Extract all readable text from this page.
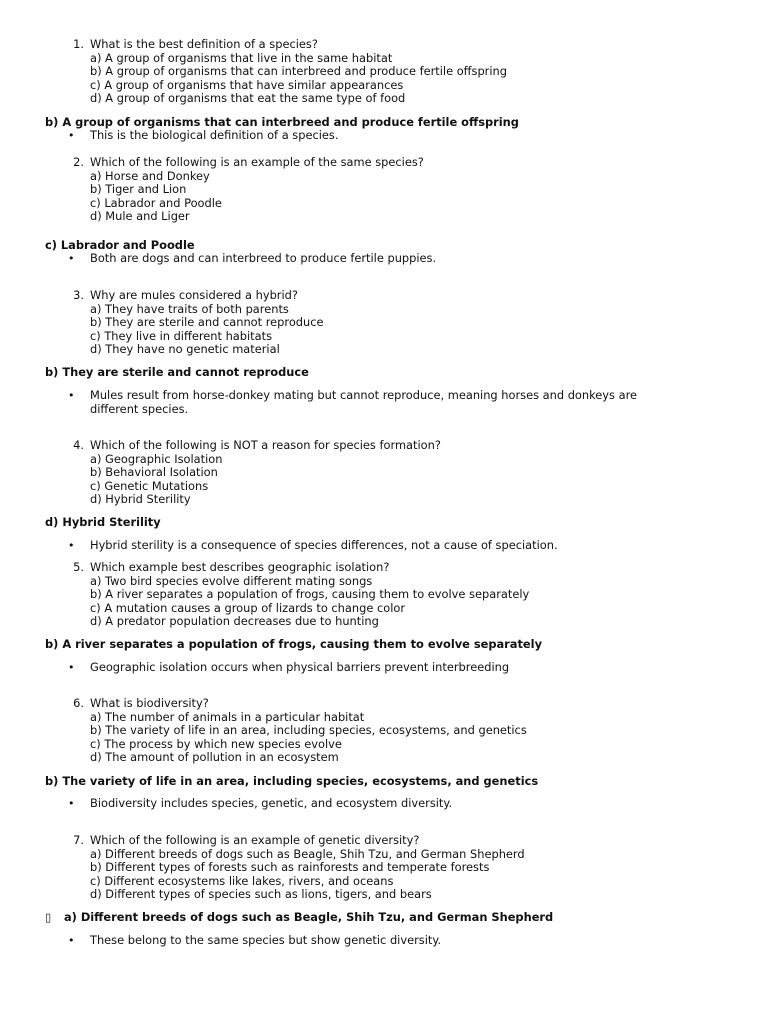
1. What is the best definition of a species?
a) A group of organisms that live in the same habitat
b) A group of organisms that can interbreed and produce fertile offspring
c) A group of organisms that have similar appearances
d) A group of organisms that eat the same type of food
b) A group of organisms that can interbreed and produce fertile offspring
• This is the biological definition of a species.
2. Which of the following is an example of the same species?
a) Horse and Donkey
b) Tiger and Lion
c) Labrador and Poodle
d) Mule and Liger
c) Labrador and Poodle
• Both are dogs and can interbreed to produce fertile puppies.
3. Why are mules considered a hybrid?
a) They have traits of both parents
b) They are sterile and cannot reproduce
c) They live in different habitats
d) They have no genetic material
b) They are sterile and cannot reproduce
• Mules result from horse-donkey mating but cannot reproduce, meaning horses and donkeys are
different species.
4. Which of the following is NOT a reason for species formation?
a) Geographic Isolation
b) Behavioral Isolation
c) Genetic Mutations
d) Hybrid Sterility
d) Hybrid Sterility
• Hybrid sterility is a consequence of species differences, not a cause of speciation.
5. Which example best describes geographic isolation?
a) Two bird species evolve different mating songs
b) A river separates a population of frogs, causing them to evolve separately
c) A mutation causes a group of lizards to change color
d) A predator population decreases due to hunting
b) A river separates a population of frogs, causing them to evolve separately
• Geographic isolation occurs when physical barriers prevent interbreeding
6. What is biodiversity?
a) The number of animals in a particular habitat
b) The variety of life in an area, including species, ecosystems, and genetics
c) The process by which new species evolve
d) The amount of pollution in an ecosystem
b) The variety of life in an area, including species, ecosystems, and genetics
• Biodiversity includes species, genetic, and ecosystem diversity.
7. Which of the following is an example of genetic diversity?
a) Different breeds of dogs such as Beagle, Shih Tzu, and German Shepherd
b) Different types of forests such as rainforests and temperate forests
c) Different ecosystems like lakes, rivers, and oceans
d) Different types of species such as lions, tigers, and bears
▯ a) Different breeds of dogs such as Beagle, Shih Tzu, and German Shepherd
• These belong to the same species but show genetic diversity.
